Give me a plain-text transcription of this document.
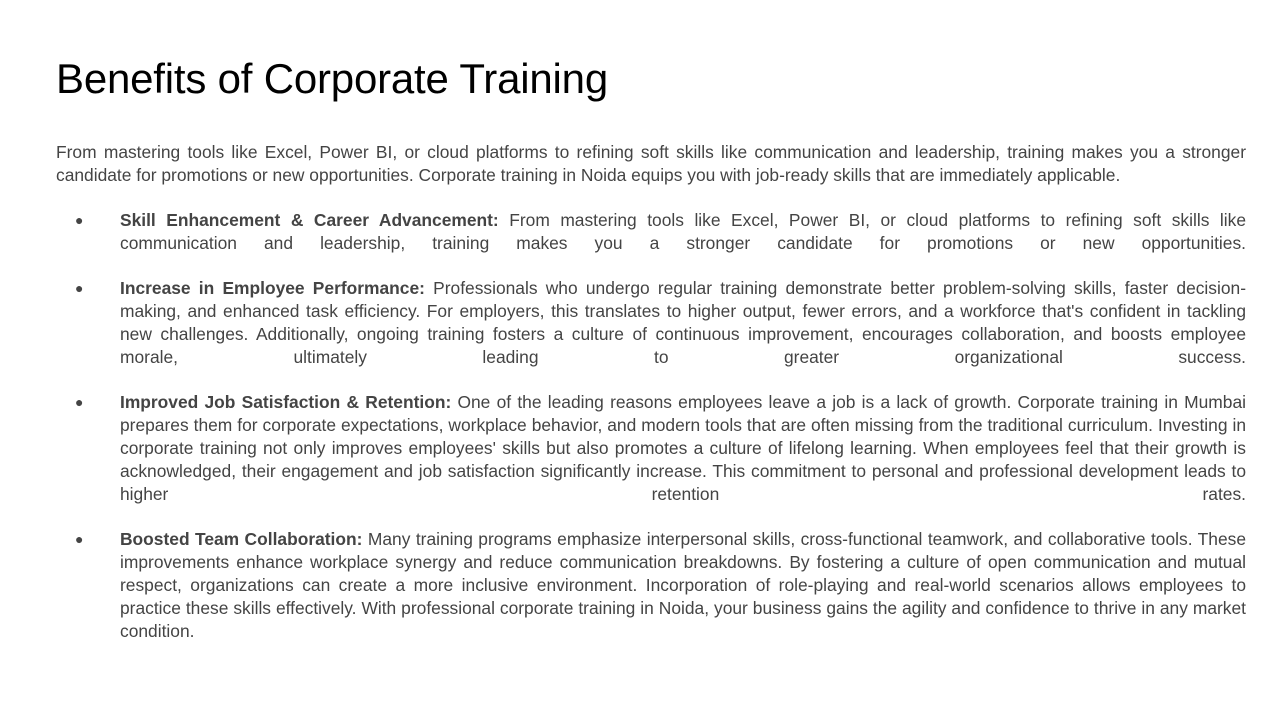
Benefits of Corporate Training

From mastering tools like Excel, Power BI, or cloud platforms to refining soft skills like communication and leadership, training makes you a stronger candidate for promotions or new opportunities. Corporate training in Noida equips you with job-ready skills that are immediately applicable.

● Skill Enhancement & Career Advancement: From mastering tools like Excel, Power BI, or cloud platforms to refining soft skills like communication and leadership, training makes you a stronger candidate for promotions or new opportunities.
● Increase in Employee Performance: Professionals who undergo regular training demonstrate better problem-solving skills, faster decision-making, and enhanced task efficiency. For employers, this translates to higher output, fewer errors, and a workforce that's confident in tackling new challenges. Additionally, ongoing training fosters a culture of continuous improvement, encourages collaboration, and boosts employee morale, ultimately leading to greater organizational success.
● Improved Job Satisfaction & Retention: One of the leading reasons employees leave a job is a lack of growth. Corporate training in Mumbai prepares them for corporate expectations, workplace behavior, and modern tools that are often missing from the traditional curriculum. Investing in corporate training not only improves employees' skills but also promotes a culture of lifelong learning. When employees feel that their growth is acknowledged, their engagement and job satisfaction significantly increase. This commitment to personal and professional development leads to higher retention rates.
● Boosted Team Collaboration: Many training programs emphasize interpersonal skills, cross-functional teamwork, and collaborative tools. These improvements enhance workplace synergy and reduce communication breakdowns. By fostering a culture of open communication and mutual respect, organizations can create a more inclusive environment. Incorporation of role-playing and real-world scenarios allows employees to practice these skills effectively. With professional corporate training in Noida, your business gains the agility and confidence to thrive in any market condition.
